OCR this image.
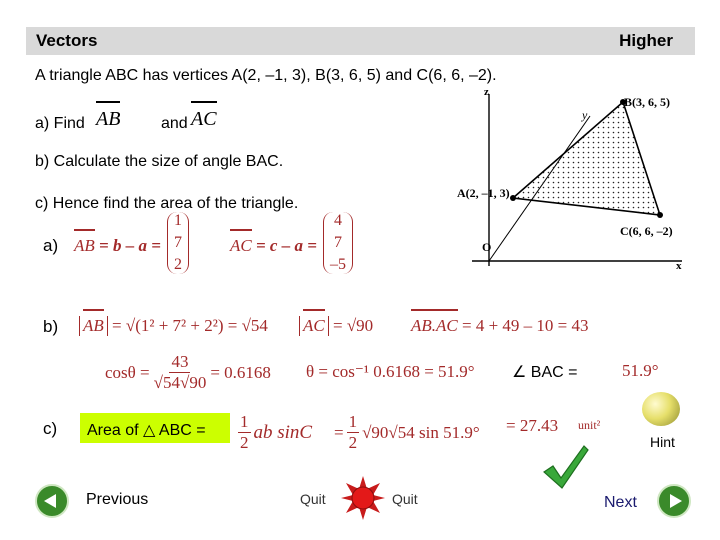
Vectors	Higher
A triangle ABC has vertices A(2, –1, 3), B(3, 6, 5) and C(6, 6, –2).
a) Find AB	and AC
b) Calculate the size of angle BAC.
c) Hence find the area of the triangle.
z
y
x
O
A(2, –1, 3)
B(3, 6, 5)
C(6, 6, –2)
a) AB = b – a =
1
7
2
AC = c – a =
4
7
–5
b) AB = √(1² + 7² + 2²) = √54 AC = √90 AB.AC = 4 + 49 – 10 = 43
$\cos\theta = \frac{43}{√54√90} = 0.6168$ θ = cos⁻¹ 0.6168 = 51.9° ∠ BAC =	51.9°
c) Area of △ ABC = $\frac{1}{2}$ ab $\sin C = \frac{1}{2} √90√54$ sin 51.9° = 27.43 unit²
Hint
Previous	Quit	Quit	Next
